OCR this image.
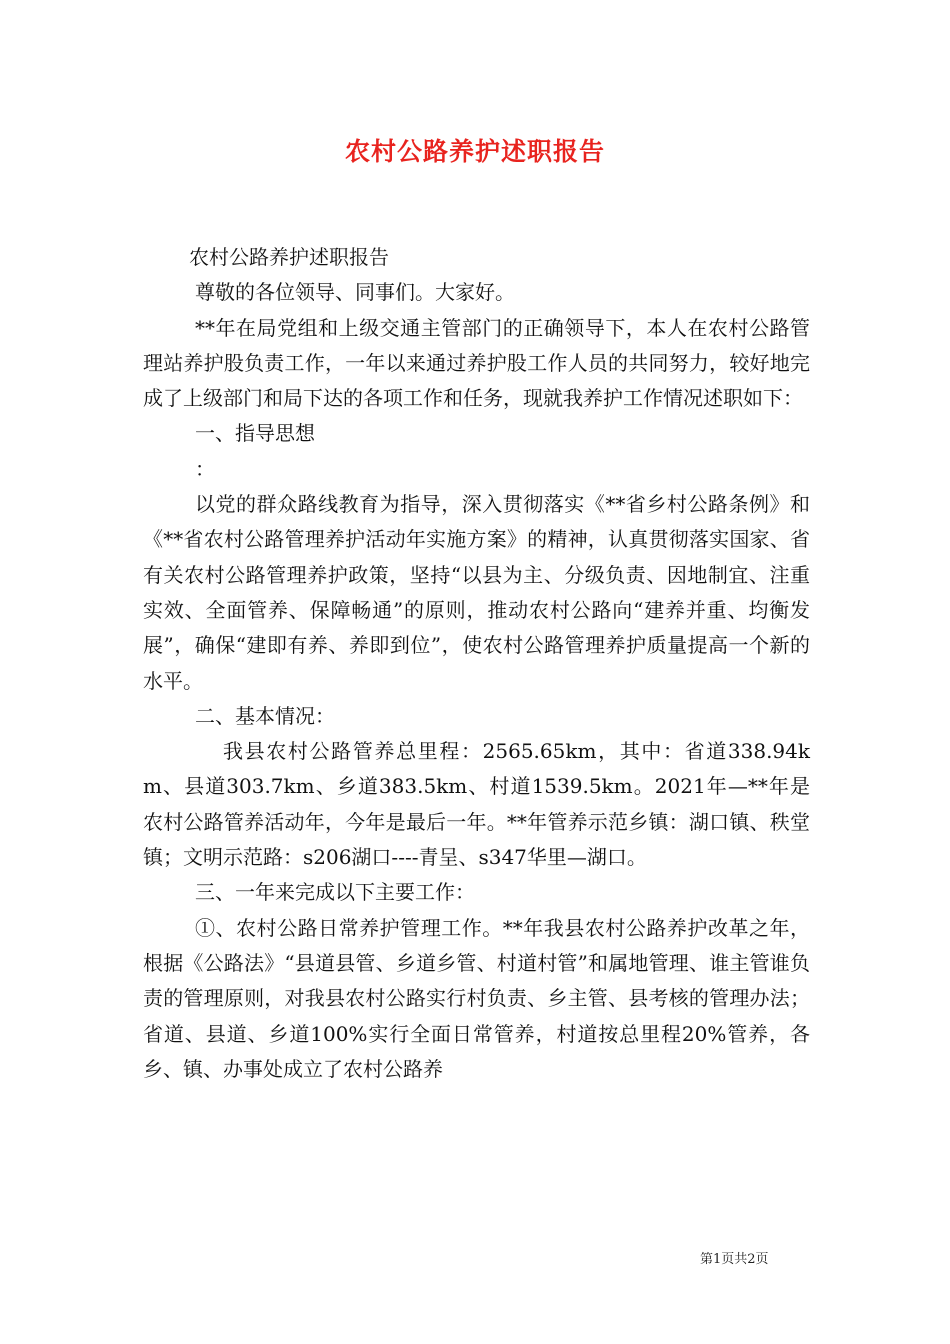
农村公路养护述职报告

农村公路养护述职报告

尊敬的各位领导、同事们。大家好。

**年在局党组和上级交通主管部门的正确领导下，本人在农村公路管理站养护股负责工作，一年以来通过养护股工作人员的共同努力，较好地完成了上级部门和局下达的各项工作和任务，现就我养护工作情况述职如下：

一、指导思想

：

以党的群众路线教育为指导，深入贯彻落实《**省乡村公路条例》和《**省农村公路管理养护活动年实施方案》的精神，认真贯彻落实国家、省有关农村公路管理养护政策，坚持“以县为主、分级负责、因地制宜、注重实效、全面管养、保障畅通”的原则，推动农村公路向“建养并重、均衡发展”，确保“建即有养、养即到位”，使农村公路管理养护质量提高一个新的水平。

二、基本情况：

我县农村公路管养总里程：2565.65km，其中：省道338.94km、县道303.7km、乡道383.5km、村道1539.5km。2021年—**年是农村公路管养活动年，今年是最后一年。**年管养示范乡镇：湖口镇、秩堂镇；文明示范路：s206湖口----青呈、s347华里—湖口。

三、一年来完成以下主要工作：

①、农村公路日常养护管理工作。**年我县农村公路养护改革之年，根据《公路法》“县道县管、乡道乡管、村道村管”和属地管理、谁主管谁负责的管理原则，对我县农村公路实行村负责、乡主管、县考核的管理办法；省道、县道、乡道100%实行全面日常管养，村道按总里程20%管养，各乡、镇、办事处成立了农村公路养

第1页共2页
